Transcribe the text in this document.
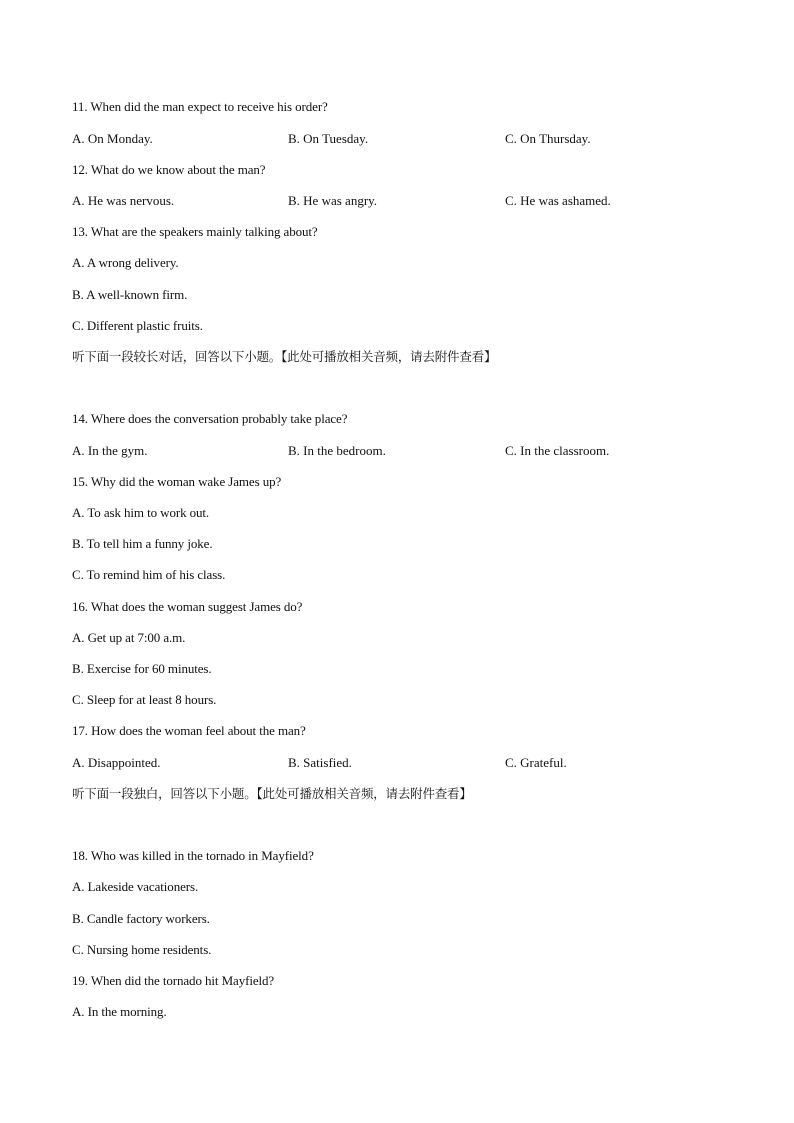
11. When did the man expect to receive his order?
A. On Monday.	B. On Tuesday.	C. On Thursday.
12. What do we know about the man?
A. He was nervous.	B. He was angry.	C. He was ashamed.
13. What are the speakers mainly talking about?
A. A wrong delivery.
B. A well-known firm.
C. Different plastic fruits.
听下面一段较长对话，回答以下小题。【此处可播放相关音频，请去附件查看】
14. Where does the conversation probably take place?
A. In the gym.	B. In the bedroom.	C. In the classroom.
15. Why did the woman wake James up?
A. To ask him to work out.
B. To tell him a funny joke.
C. To remind him of his class.
16. What does the woman suggest James do?
A. Get up at 7:00 a.m.
B. Exercise for 60 minutes.
C. Sleep for at least 8 hours.
17. How does the woman feel about the man?
A. Disappointed.	B. Satisfied.	C. Grateful.
听下面一段独白，回答以下小题。【此处可播放相关音频，请去附件查看】
18. Who was killed in the tornado in Mayfield?
A. Lakeside vacationers.
B. Candle factory workers.
C. Nursing home residents.
19. When did the tornado hit Mayfield?
A. In the morning.
